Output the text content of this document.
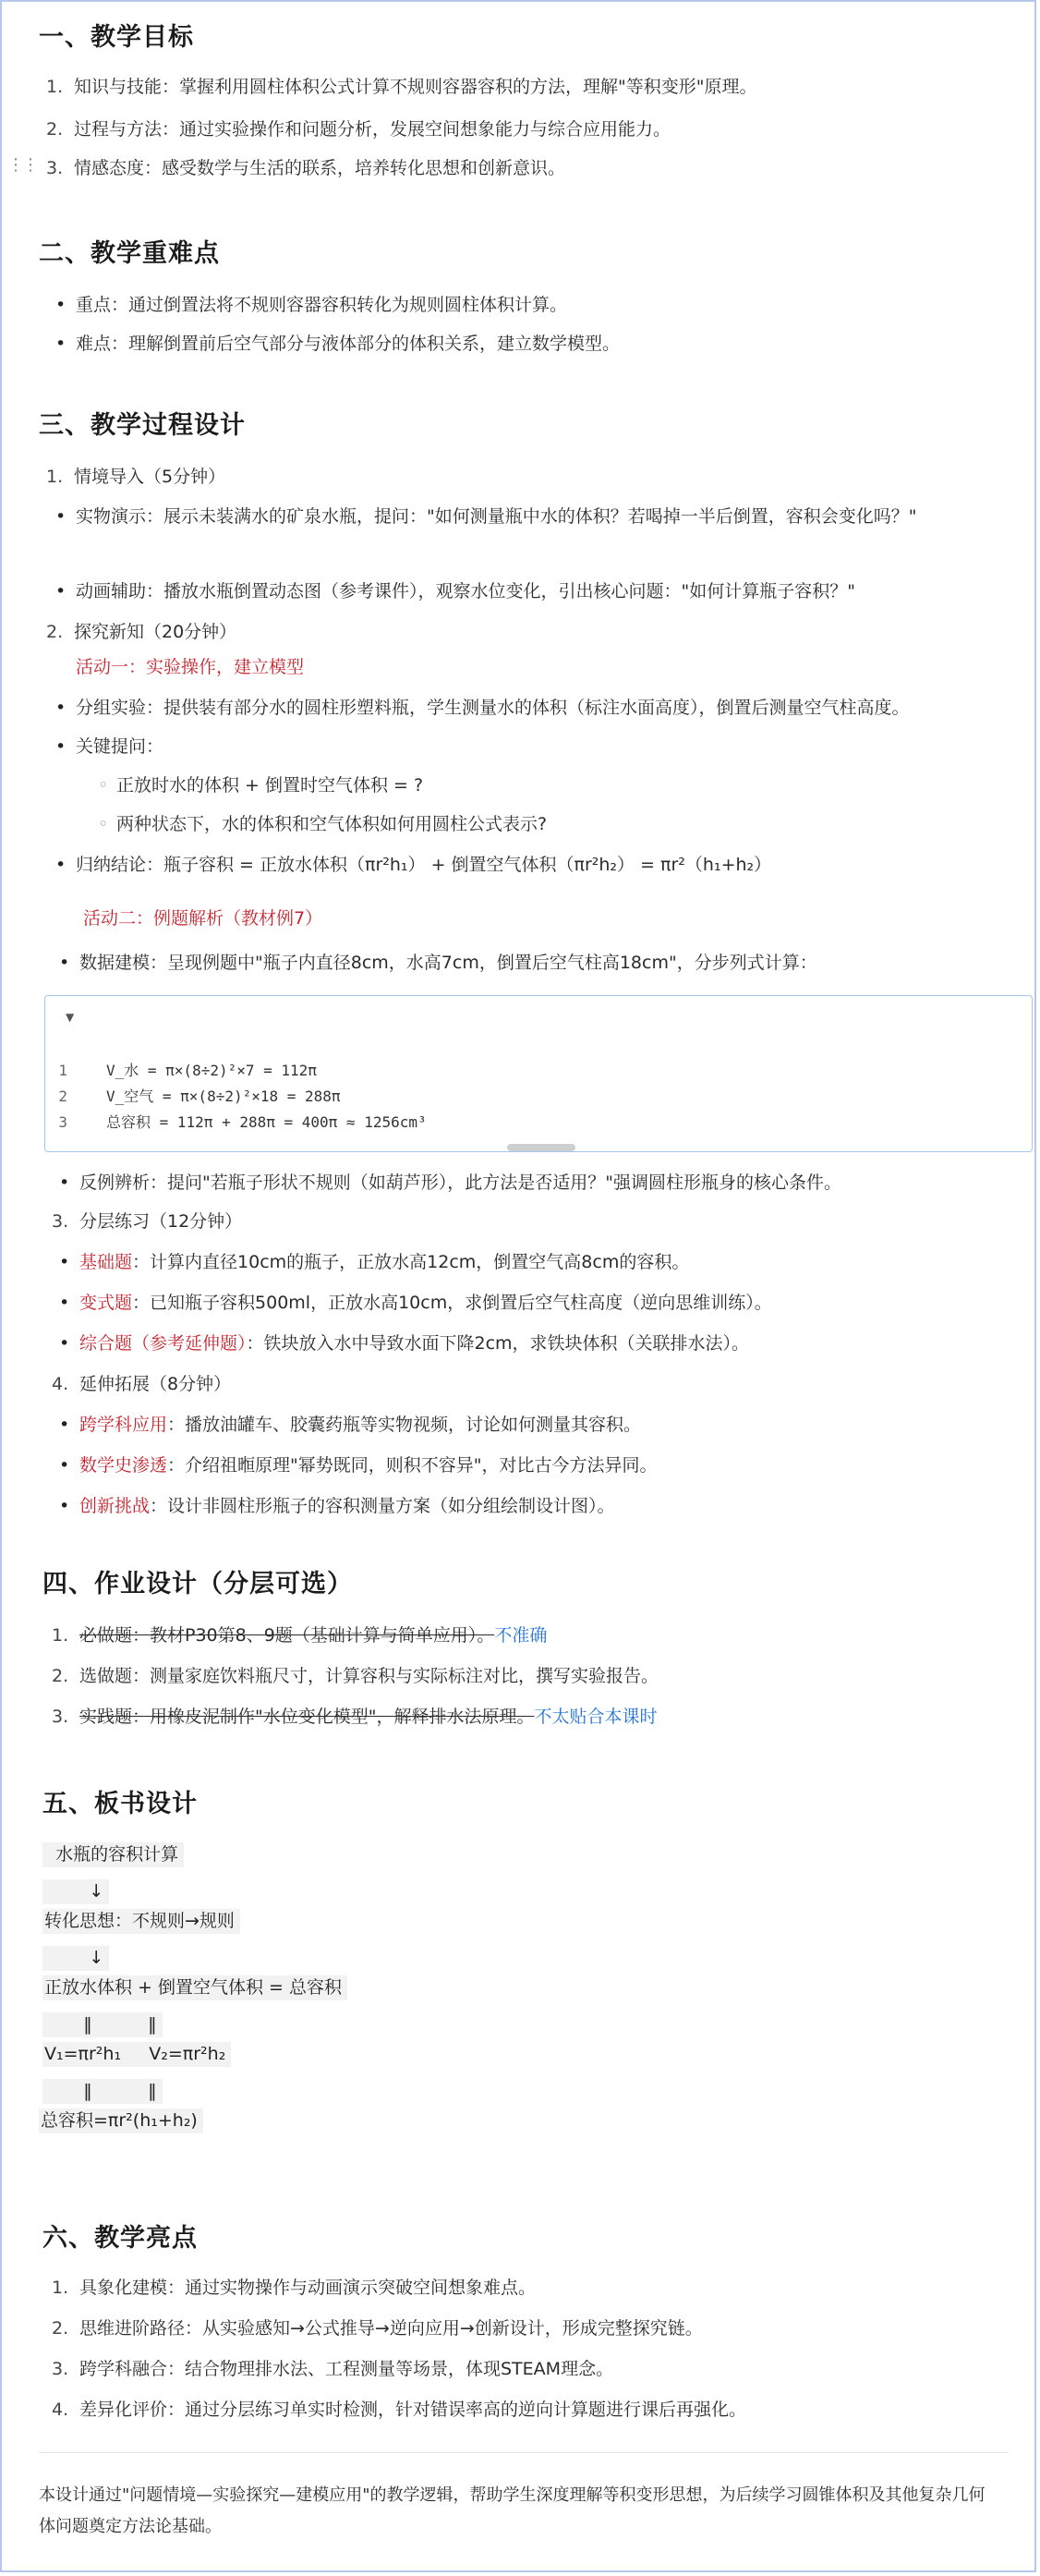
一、教学目标
1. 知识与技能：掌握利用圆柱体积公式计算不规则容器容积的方法，理解"等积变形"原理。
2. 过程与方法：通过实验操作和问题分析，发展空间想象能力与综合应用能力。
⋮⋮ 3. 情感态度：感受数学与生活的联系，培养转化思想和创新意识。
二、教学重难点
• 重点：通过倒置法将不规则容器容积转化为规则圆柱体积计算。
• 难点：理解倒置前后空气部分与液体部分的体积关系，建立数学模型。
三、教学过程设计
1. 情境导入（5分钟）
• 实物演示：展示未装满水的矿泉水瓶，提问："如何测量瓶中水的体积？若喝掉一半后倒置，容积会变化吗？"
• 动画辅助：播放水瓶倒置动态图（参考课件），观察水位变化，引出核心问题："如何计算瓶子容积？"
2. 探究新知（20分钟）
活动一：实验操作，建立模型
• 分组实验：提供装有部分水的圆柱形塑料瓶，学生测量水的体积（标注水面高度），倒置后测量空气柱高度。
• 关键提问：
◦ 正放时水的体积 + 倒置时空气体积 = ?
◦ 两种状态下，水的体积和空气体积如何用圆柱公式表示?
• 归纳结论：瓶子容积 = 正放水体积（πr²h₁） + 倒置空气体积（πr²h₂） = πr²（h₁+h₂）
活动二：例题解析（教材例7）
• 数据建模：呈现例题中"瓶子内直径8cm，水高7cm，倒置后空气柱高18cm"，分步列式计算：
▼
1	V_水 = π×(8÷2)²×7 = 112π
2	V_空气 = π×(8÷2)²×18 = 288π
3	总容积 = 112π + 288π = 400π ≈ 1256cm³
• 反例辨析：提问"若瓶子形状不规则（如葫芦形），此方法是否适用？"强调圆柱形瓶身的核心条件。
3. 分层练习（12分钟）
• 基础题：计算内直径10cm的瓶子，正放水高12cm，倒置空气高8cm的容积。
• 变式题：已知瓶子容积500ml，正放水高10cm，求倒置后空气柱高度（逆向思维训练）。
• 综合题（参考延伸题）：铁块放入水中导致水面下降2cm，求铁块体积（关联排水法）。
4. 延伸拓展（8分钟）
• 跨学科应用：播放油罐车、胶囊药瓶等实物视频，讨论如何测量其容积。
• 数学史渗透：介绍祖暅原理"幂势既同，则积不容异"，对比古今方法异同。
• 创新挑战：设计非圆柱形瓶子的容积测量方案（如分组绘制设计图）。
四、作业设计（分层可选）
1. 必做题：教材P30第8、9题（基础计算与简单应用）。不准确
2. 选做题：测量家庭饮料瓶尺寸，计算容积与实际标注对比，撰写实验报告。
3. 实践题：用橡皮泥制作"水位变化模型"，解释排水法原理。不太贴合本课时
五、板书设计
水瓶的容积计算
↓
转化思想：不规则→规则
↓
正放水体积 + 倒置空气体积 = 总容积
‖          ‖
V₁=πr²h₁     V₂=πr²h₂
‖          ‖
总容积=πr²(h₁+h₂)
六、教学亮点
1. 具象化建模：通过实物操作与动画演示突破空间想象难点。
2. 思维进阶路径：从实验感知→公式推导→逆向应用→创新设计，形成完整探究链。
3. 跨学科融合：结合物理排水法、工程测量等场景，体现STEAM理念。
4. 差异化评价：通过分层练习单实时检测，针对错误率高的逆向计算题进行课后再强化。
本设计通过"问题情境—实验探究—建模应用"的教学逻辑，帮助学生深度理解等积变形思想，为后续学习圆锥体积及其他复杂几何体问题奠定方法论基础。
